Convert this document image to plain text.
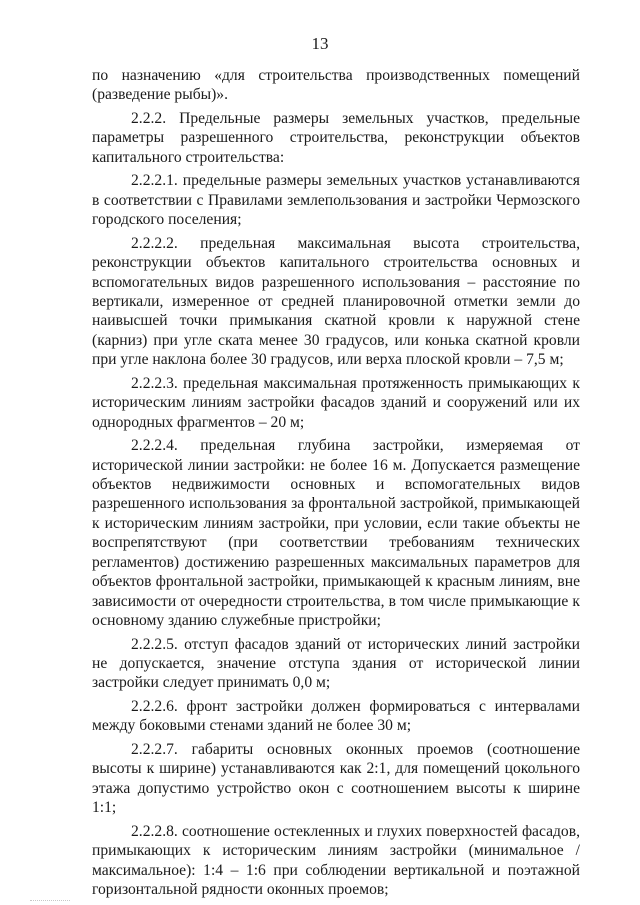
13

по назначению «для строительства производственных помещений (разведение рыбы)».

2.2.2. Предельные размеры земельных участков, предельные параметры разрешенного строительства, реконструкции объектов капитального строительства:

2.2.2.1. предельные размеры земельных участков устанавливаются в соответствии с Правилами землепользования и застройки Чермозского городского поселения;

2.2.2.2. предельная максимальная высота строительства, реконструкции объектов капитального строительства основных и вспомогательных видов разрешенного использования – расстояние по вертикали, измеренное от средней планировочной отметки земли до наивысшей точки примыкания скатной кровли к наружной стене (карниз) при угле ската менее 30 градусов, или конька скатной кровли при угле наклона более 30 градусов, или верха плоской кровли – 7,5 м;

2.2.2.3. предельная максимальная протяженность примыкающих к историческим линиям застройки фасадов зданий и сооружений или их однородных фрагментов – 20 м;

2.2.2.4. предельная глубина застройки, измеряемая от исторической линии застройки: не более 16 м. Допускается размещение объектов недвижимости основных и вспомогательных видов разрешенного использования за фронтальной застройкой, примыкающей к историческим линиям застройки, при условии, если такие объекты не воспрепятствуют (при соответствии требованиям технических регламентов) достижению разрешенных максимальных параметров для объектов фронтальной застройки, примыкающей к красным линиям, вне зависимости от очередности строительства, в том числе примыкающие к основному зданию служебные пристройки;

2.2.2.5. отступ фасадов зданий от исторических линий застройки не допускается, значение отступа здания от исторической линии застройки следует принимать 0,0 м;

2.2.2.6. фронт застройки должен формироваться с интервалами между боковыми стенами зданий не более 30 м;

2.2.2.7. габариты основных оконных проемов (соотношение высоты к ширине) устанавливаются как 2:1, для помещений цокольного этажа допустимо устройство окон с соотношением высоты к ширине 1:1;

2.2.2.8. соотношение остекленных и глухих поверхностей фасадов, примыкающих к историческим линиям застройки (минимальное / максимальное): 1:4 – 1:6 при соблюдении вертикальной и поэтажной горизонтальной рядности оконных проемов;
